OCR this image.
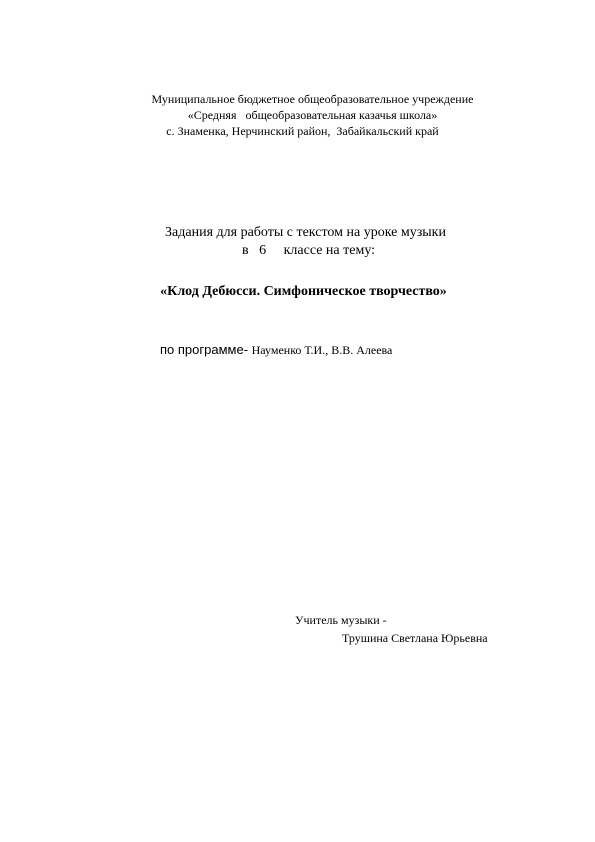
Муниципальное бюджетное общеобразовательное учреждение
«Средняя   общеобразовательная казачья школа»
с. Знаменка, Нерчинский район,  Забайкальский край
Задания для работы с текстом на уроке музыки
в   6     классе на тему:
«Клод Дебюсси. Симфоническое творчество»
по программе- Науменко Т.И., В.В. Алеева
Учитель музыки -
Трушина Светлана Юрьевна
